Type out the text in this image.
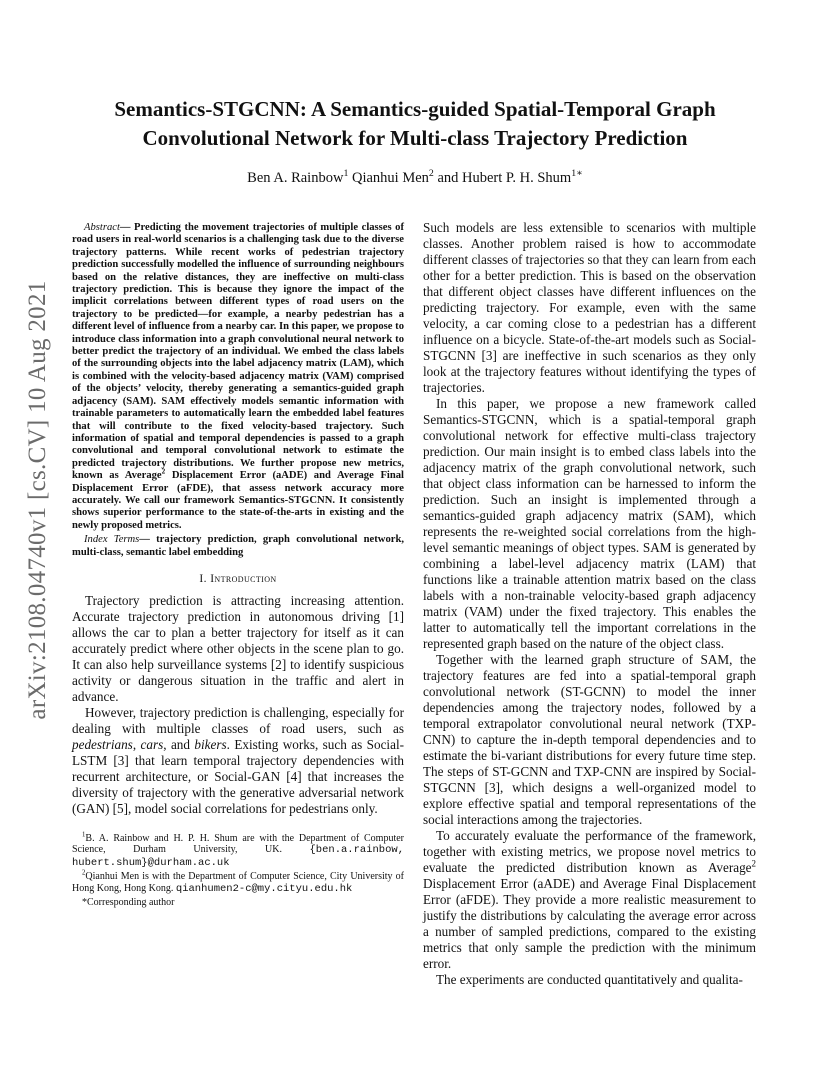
arXiv:2108.04740v1 [cs.CV] 10 Aug 2021
Semantics-STGCNN: A Semantics-guided Spatial-Temporal Graph
Convolutional Network for Multi-class Trajectory Prediction
Ben A. Rainbow$^1$ Qianhui Men$^2$ and Hubert P. H. Shum$^{1∗}$

Abstract— Predicting the movement trajectories of multiple classes of road users in real-world scenarios is a challenging task due to the diverse trajectory patterns. While recent works of pedestrian trajectory prediction successfully modelled the influence of surrounding neighbours based on the relative distances, they are ineffective on multi-class trajectory prediction. This is because they ignore the impact of the implicit correlations between different types of road users on the trajectory to be predicted—for example, a nearby pedestrian has a different level of influence from a nearby car. In this paper, we propose to introduce class information into a graph convolutional neural network to better predict the trajectory of an individual. We embed the class labels of the surrounding objects into the label adjacency matrix (LAM), which is combined with the velocity-based adjacency matrix (VAM) comprised of the objects’ velocity, thereby generating a semantics-guided graph adjacency (SAM). SAM effectively models semantic information with trainable parameters to automatically learn the embedded label features that will contribute to the fixed velocity-based trajectory. Such information of spatial and temporal dependencies is passed to a graph convolutional and temporal convolutional network to estimate the predicted trajectory distributions. We further propose new metrics, known as Average$^2$ Displacement Error (aADE) and Average Final Displacement Error (aFDE), that assess network accuracy more accurately. We call our framework Semantics-STGCNN. It consistently shows superior performance to the state-of-the-arts in existing and the newly proposed metrics.

Index Terms— trajectory prediction, graph convolutional network, multi-class, semantic label embedding

I. Introduction

Trajectory prediction is attracting increasing attention. Accurate trajectory prediction in autonomous driving [1] allows the car to plan a better trajectory for itself as it can accurately predict where other objects in the scene plan to go. It can also help surveillance systems [2] to identify suspicious activity or dangerous situation in the traffic and alert in advance.

However, trajectory prediction is challenging, especially for dealing with multiple classes of road users, such as pedestrians, cars, and bikers. Existing works, such as Social-LSTM [3] that learn temporal trajectory dependencies with recurrent architecture, or Social-GAN [4] that increases the diversity of trajectory with the generative adversarial network (GAN) [5], model social correlations for pedestrians only.

$^1$B. A. Rainbow and H. P. H. Shum are with the Department of Computer Science, Durham University, UK. {ben.a.rainbow, hubert.shum}@durham.ac.uk

$^2$Qianhui Men is with the Department of Computer Science, City University of Hong Kong, Hong Kong. qianhumen2-c@my.cityu.edu.hk

*Corresponding author

Such models are less extensible to scenarios with multiple classes. Another problem raised is how to accommodate different classes of trajectories so that they can learn from each other for a better prediction. This is based on the observation that different object classes have different influences on the predicting trajectory. For example, even with the same velocity, a car coming close to a pedestrian has a different influence on a bicycle. State-of-the-art models such as Social-STGCNN [3] are ineffective in such scenarios as they only look at the trajectory features without identifying the types of trajectories.

In this paper, we propose a new framework called Semantics-STGCNN, which is a spatial-temporal graph convolutional network for effective multi-class trajectory prediction. Our main insight is to embed class labels into the adjacency matrix of the graph convolutional network, such that object class information can be harnessed to inform the prediction. Such an insight is implemented through a semantics-guided graph adjacency matrix (SAM), which represents the re-weighted social correlations from the high-level semantic meanings of object types. SAM is generated by combining a label-level adjacency matrix (LAM) that functions like a trainable attention matrix based on the class labels with a non-trainable velocity-based graph adjacency matrix (VAM) under the fixed trajectory. This enables the latter to automatically tell the important correlations in the represented graph based on the nature of the object class.

Together with the learned graph structure of SAM, the trajectory features are fed into a spatial-temporal graph convolutional network (ST-GCNN) to model the inner dependencies among the trajectory nodes, followed by a temporal extrapolator convolutional neural network (TXP-CNN) to capture the in-depth temporal dependencies and to estimate the bi-variant distributions for every future time step. The steps of ST-GCNN and TXP-CNN are inspired by Social-STGCNN [3], which designs a well-organized model to explore effective spatial and temporal representations of the social interactions among the trajectories.

To accurately evaluate the performance of the framework, together with existing metrics, we propose novel metrics to evaluate the predicted distribution known as Average$^2$ Displacement Error (aADE) and Average Final Displacement Error (aFDE). They provide a more realistic measurement to justify the distributions by calculating the average error across a number of sampled predictions, compared to the existing metrics that only sample the prediction with the minimum error.

The experiments are conducted quantitatively and qualita-
